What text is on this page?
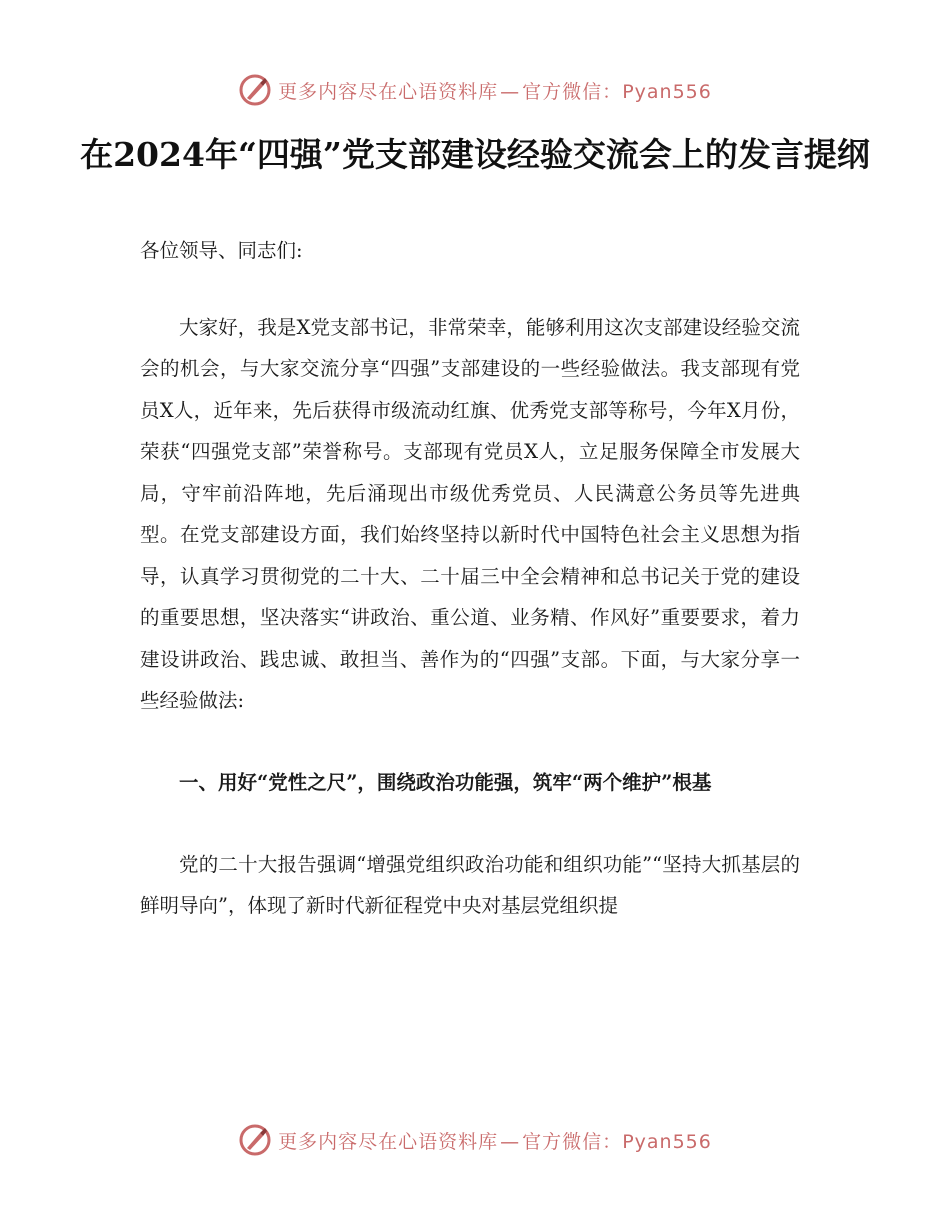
更多内容尽在心语资料库 — 官方微信：Pyan556
在2024年“四强”党支部建设经验交流会上的发言提纲

各位领导、同志们:

大家好，我是X党支部书记，非常荣幸，能够利用这次支部建设经验交流会的机会，与大家交流分享“四强”支部建设的一些经验做法。我支部现有党员X人，近年来，先后获得市级流动红旗、优秀党支部等称号，今年X月份，荣获“四强党支部”荣誉称号。支部现有党员X人，立足服务保障全市发展大局，守牢前沿阵地，先后涌现出市级优秀党员、人民满意公务员等先进典型。在党支部建设方面，我们始终坚持以新时代中国特色社会主义思想为指导，认真学习贯彻党的二十大、二十届三中全会精神和总书记关于党的建设的重要思想，坚决落实“讲政治、重公道、业务精、作风好”重要要求，着力建设讲政治、践忠诚、敢担当、善作为的“四强”支部。下面，与大家分享一些经验做法:

一、用好“党性之尺”，围绕政治功能强，筑牢“两个维护”根基

党的二十大报告强调“增强党组织政治功能和组织功能”“坚持大抓基层的鲜明导向”，体现了新时代新征程党中央对基层党组织提

更多内容尽在心语资料库 — 官方微信：Pyan556
